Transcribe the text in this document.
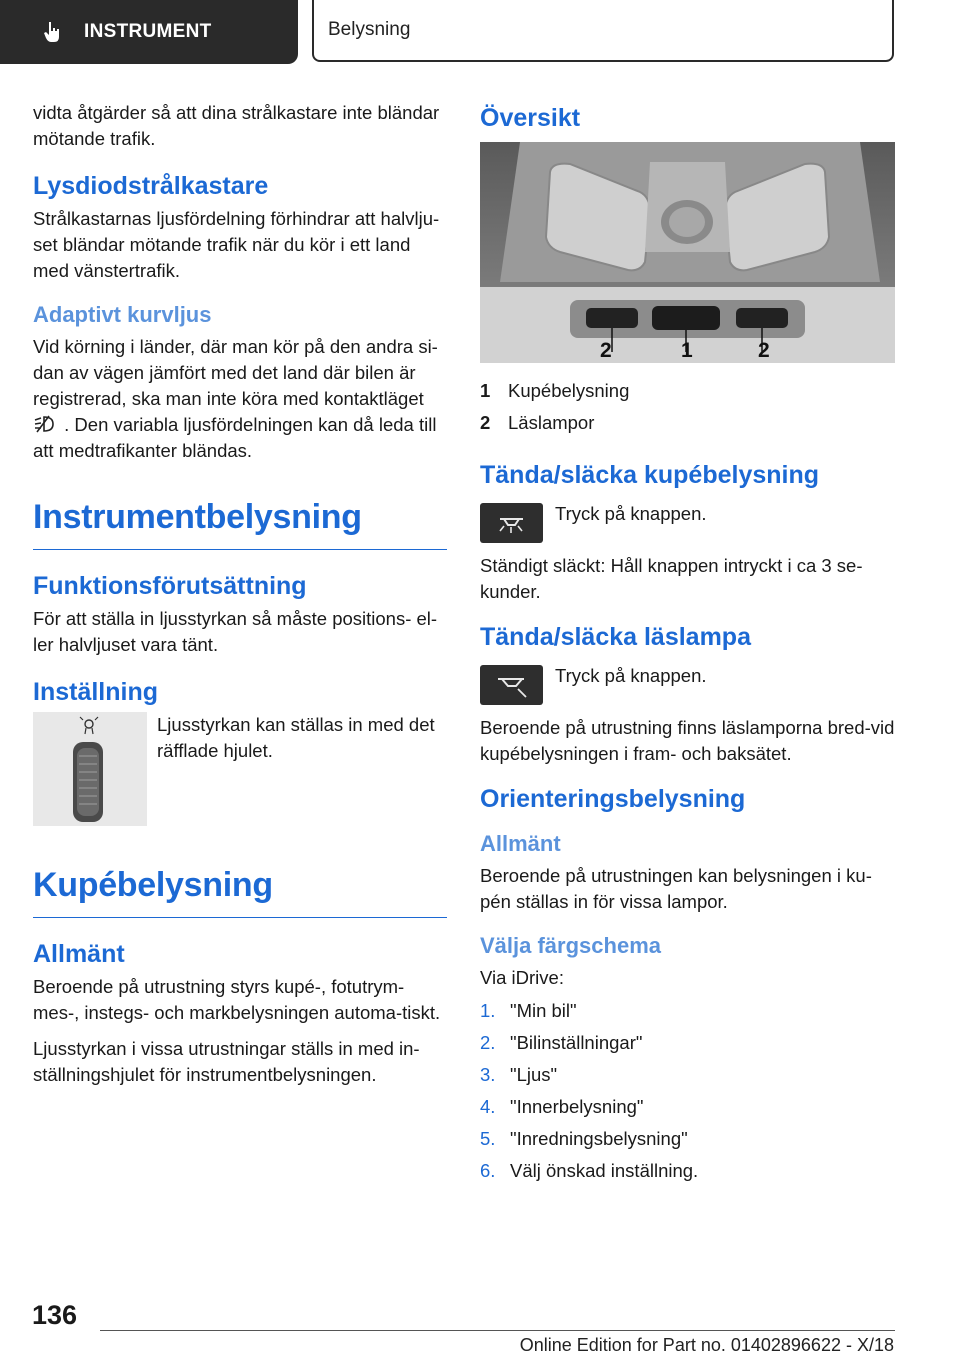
INSTRUMENT	Belysning

vidta åtgärder så att dina strålkastare inte bländar mötande trafik.

Lysdiodstrålkastare

Strålkastarnas ljusfördelning förhindrar att halvlju-set bländar mötande trafik när du kör i ett land med vänstertrafik.

Adaptivt kurvljus

Vid körning i länder, där man kör på den andra si-dan av vägen jämfört med det land där bilen är registrerad, ska man inte köra med kontaktläget
. Den variabla ljusfördelningen kan då leda till att medtrafikanter bländas.

Instrumentbelysning
Funktionsförutsättning

För att ställa in ljusstyrkan så måste positions- el-ler halvljuset vara tänt.

Inställning

Ljusstyrkan kan ställas in med det räfflade hjulet.

Kupébelysning
Allmänt

Beroende på utrustning styrs kupé-, fotutrym-mes-, instegs- och markbelysningen automa-tiskt.

Ljusstyrkan i vissa utrustningar ställs in med in-ställningshjulet för instrumentbelysningen.

Översikt
2	1	2
1 Kupébelysning
2 Läslampor
Tända/släcka kupébelysning

Tryck på knappen.

Ständigt släckt: Håll knappen intryckt i ca 3 se-kunder.

Tända/släcka läslampa

Tryck på knappen.

Beroende på utrustning finns läslamporna bred-vid kupébelysningen i fram- och baksätet.

Orienteringsbelysning
Allmänt

Beroende på utrustningen kan belysningen i ku-pén ställas in för vissa lampor.

Välja färgschema

Via iDrive:

1. "Min bil"
2. "Bilinställningar"
3. "Ljus"
4. "Innerbelysning"
5. "Inredningsbelysning"
6. Välj önskad inställning.
136
Online Edition for Part no. 01402896622 - X/18
